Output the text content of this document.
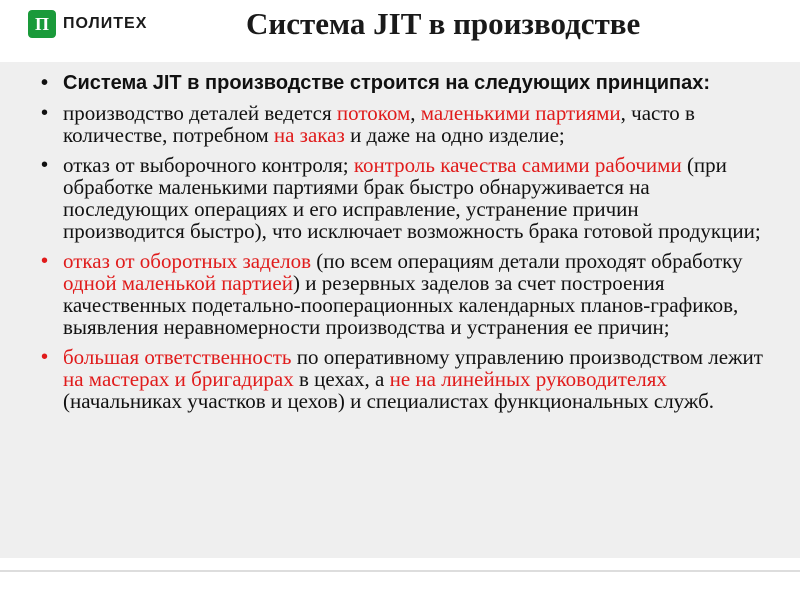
П ПОЛИТЕХ	Система JIT в производстве
• Система JIT в производстве строится на следующих принципах:
• производство деталей ведется потоком, маленькими партиями, часто в количестве, потребном на заказ и даже на одно изделие;
• отказ от выборочного контроля; контроль качества самими рабочими (при обработке маленькими партиями брак быстро обнаруживается на последующих операциях и его исправление, устранение причин производится быстро), что исключает возможность брака готовой продукции;
• отказ от оборотных заделов (по всем операциям детали проходят обработку одной маленькой партией) и резервных заделов за счет построения качественных подетально-пооперационных календарных планов-графиков, выявления неравномерности производства и устранения ее причин;
• большая ответственность по оперативному управлению производством лежит на мастерах и бригадирах в цехах, а не на линейных руководителях (начальниках участков и цехов) и специалистах функциональных служб.
